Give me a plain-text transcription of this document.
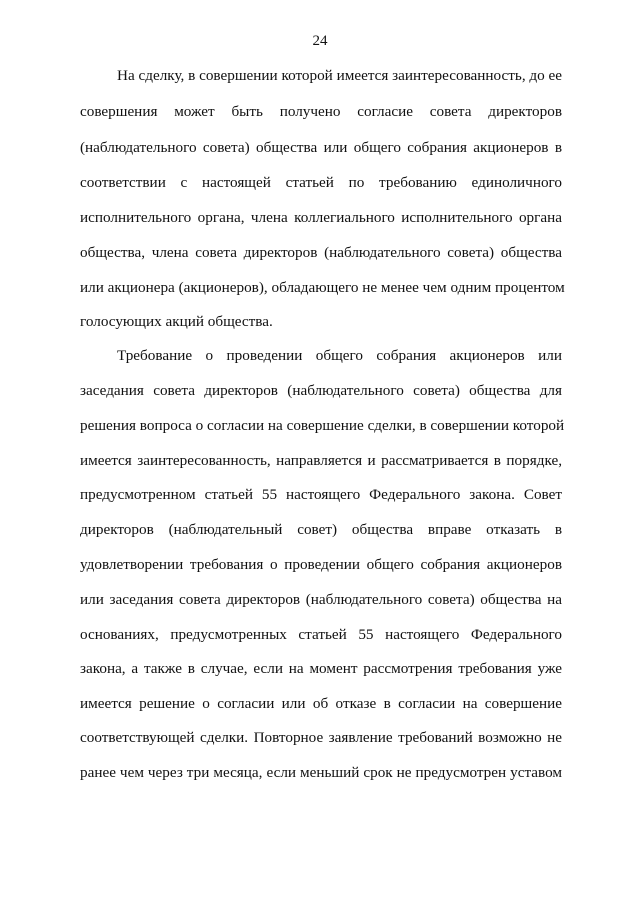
24
На сделку, в совершении которой имеется заинтересованность, до ее
совершения может быть получено согласие совета директоров
(наблюдательного совета) общества или общего собрания акционеров в
соответствии с настоящей статьей по требованию единоличного
исполнительного органа, члена коллегиального исполнительного органа
общества, члена совета директоров (наблюдательного совета) общества
или акционера (акционеров), обладающего не менее чем одним процентом
голосующих акций общества.
Требование о проведении общего собрания акционеров или
заседания совета директоров (наблюдательного совета) общества для
решения вопроса о согласии на совершение сделки, в совершении которой
имеется заинтересованность, направляется и рассматривается в порядке,
предусмотренном статьей 55 настоящего Федерального закона. Совет
директоров (наблюдательный совет) общества вправе отказать в
удовлетворении требования о проведении общего собрания акционеров
или заседания совета директоров (наблюдательного совета) общества на
основаниях, предусмотренных статьей 55 настоящего Федерального
закона, а также в случае, если на момент рассмотрения требования уже
имеется решение о согласии или об отказе в согласии на совершение
соответствующей сделки. Повторное заявление требований возможно не
ранее чем через три месяца, если меньший срок не предусмотрен уставом
